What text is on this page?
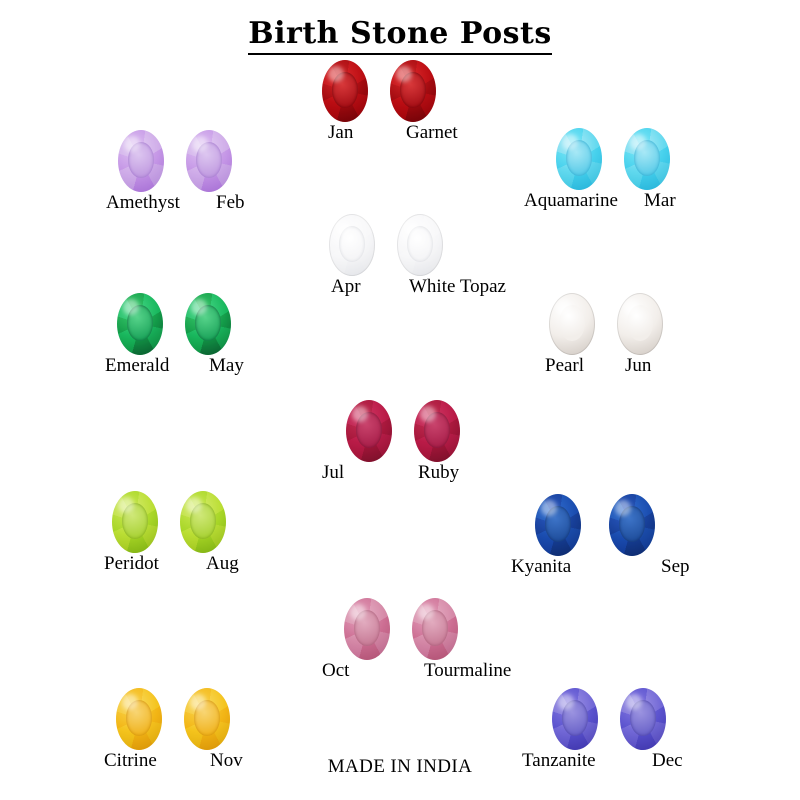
Birth Stone Posts
Jan	Garnet
Amethyst Feb	Aquamarine Mar
Apr	White Topaz
Emerald May	Pearl Jun
Jul	Ruby
Peridot Aug	Kyanita	Sep
Oct	Tourmaline
Citrine	Nov	Tanzanite	Dec
MADE IN INDIA
